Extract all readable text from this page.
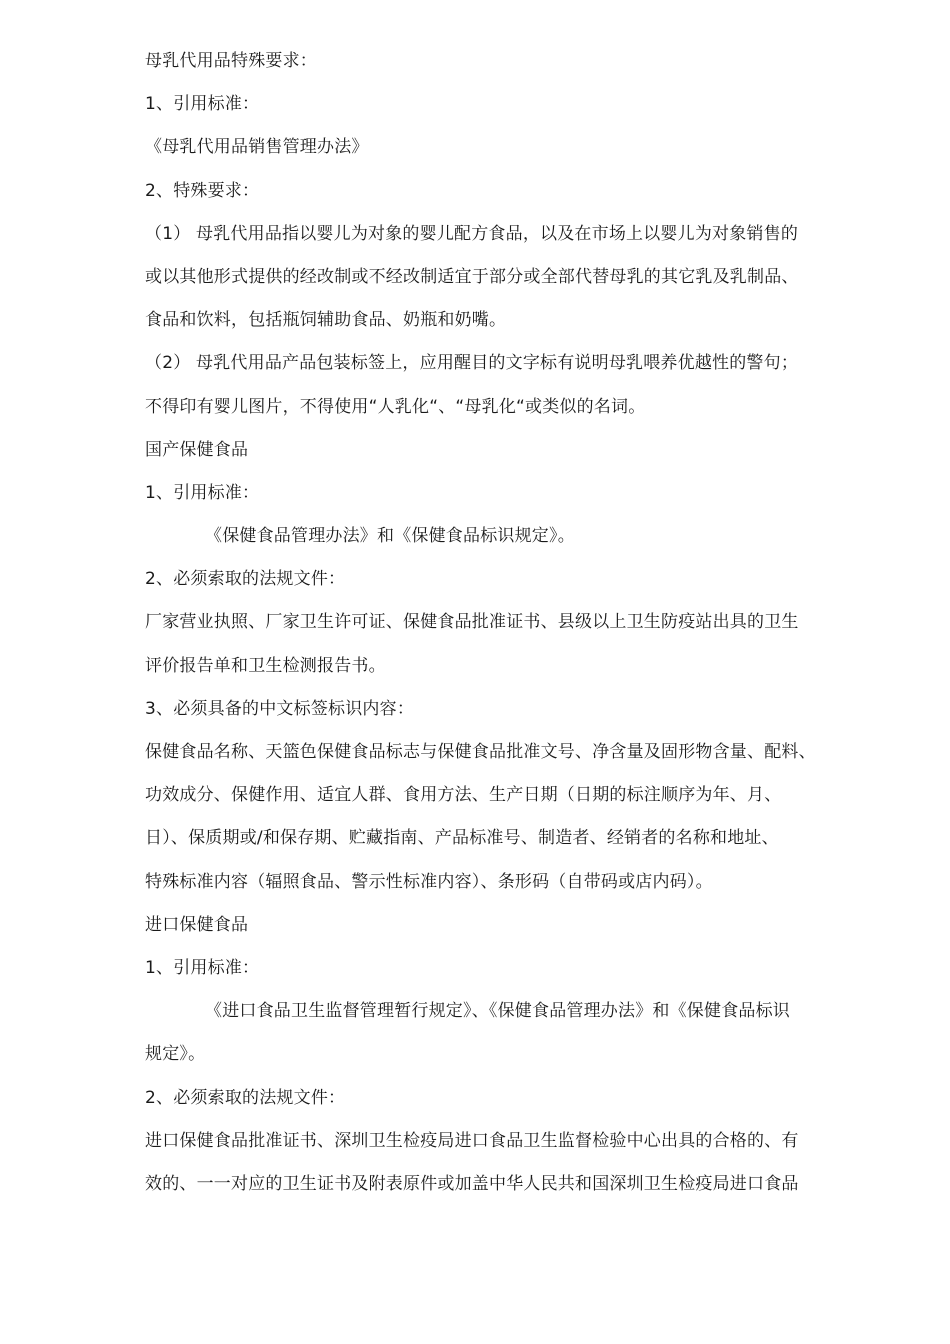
母乳代用品特殊要求：
1、引用标准：
《母乳代用品销售管理办法》
2、特殊要求：
（1） 母乳代用品指以婴儿为对象的婴儿配方食品，以及在市场上以婴儿为对象销售的
或以其他形式提供的经改制或不经改制适宜于部分或全部代替母乳的其它乳及乳制品、
食品和饮料，包括瓶饲辅助食品、奶瓶和奶嘴。
（2） 母乳代用品产品包装标签上，应用醒目的文字标有说明母乳喂养优越性的警句；
不得印有婴儿图片，不得使用“人乳化“、“母乳化“或类似的名词。
国产保健食品
1、引用标准：
《保健食品管理办法》和《保健食品标识规定》。
2、必须索取的法规文件：
厂家营业执照、厂家卫生许可证、保健食品批准证书、县级以上卫生防疫站出具的卫生
评价报告单和卫生检测报告书。
3、必须具备的中文标签标识内容：
保健食品名称、天篮色保健食品标志与保健食品批准文号、净含量及固形物含量、配料、
功效成分、保健作用、适宜人群、食用方法、生产日期（日期的标注顺序为年、月、
日）、保质期或/和保存期、贮藏指南、产品标准号、制造者、经销者的名称和地址、
特殊标准内容（辐照食品、警示性标准内容）、条形码（自带码或店内码）。
进口保健食品
1、引用标准：
《进口食品卫生监督管理暂行规定》、《保健食品管理办法》和《保健食品标识
规定》。
2、必须索取的法规文件：
进口保健食品批准证书、深圳卫生检疫局进口食品卫生监督检验中心出具的合格的、有
效的、一一对应的卫生证书及附表原件或加盖中华人民共和国深圳卫生检疫局进口食品
